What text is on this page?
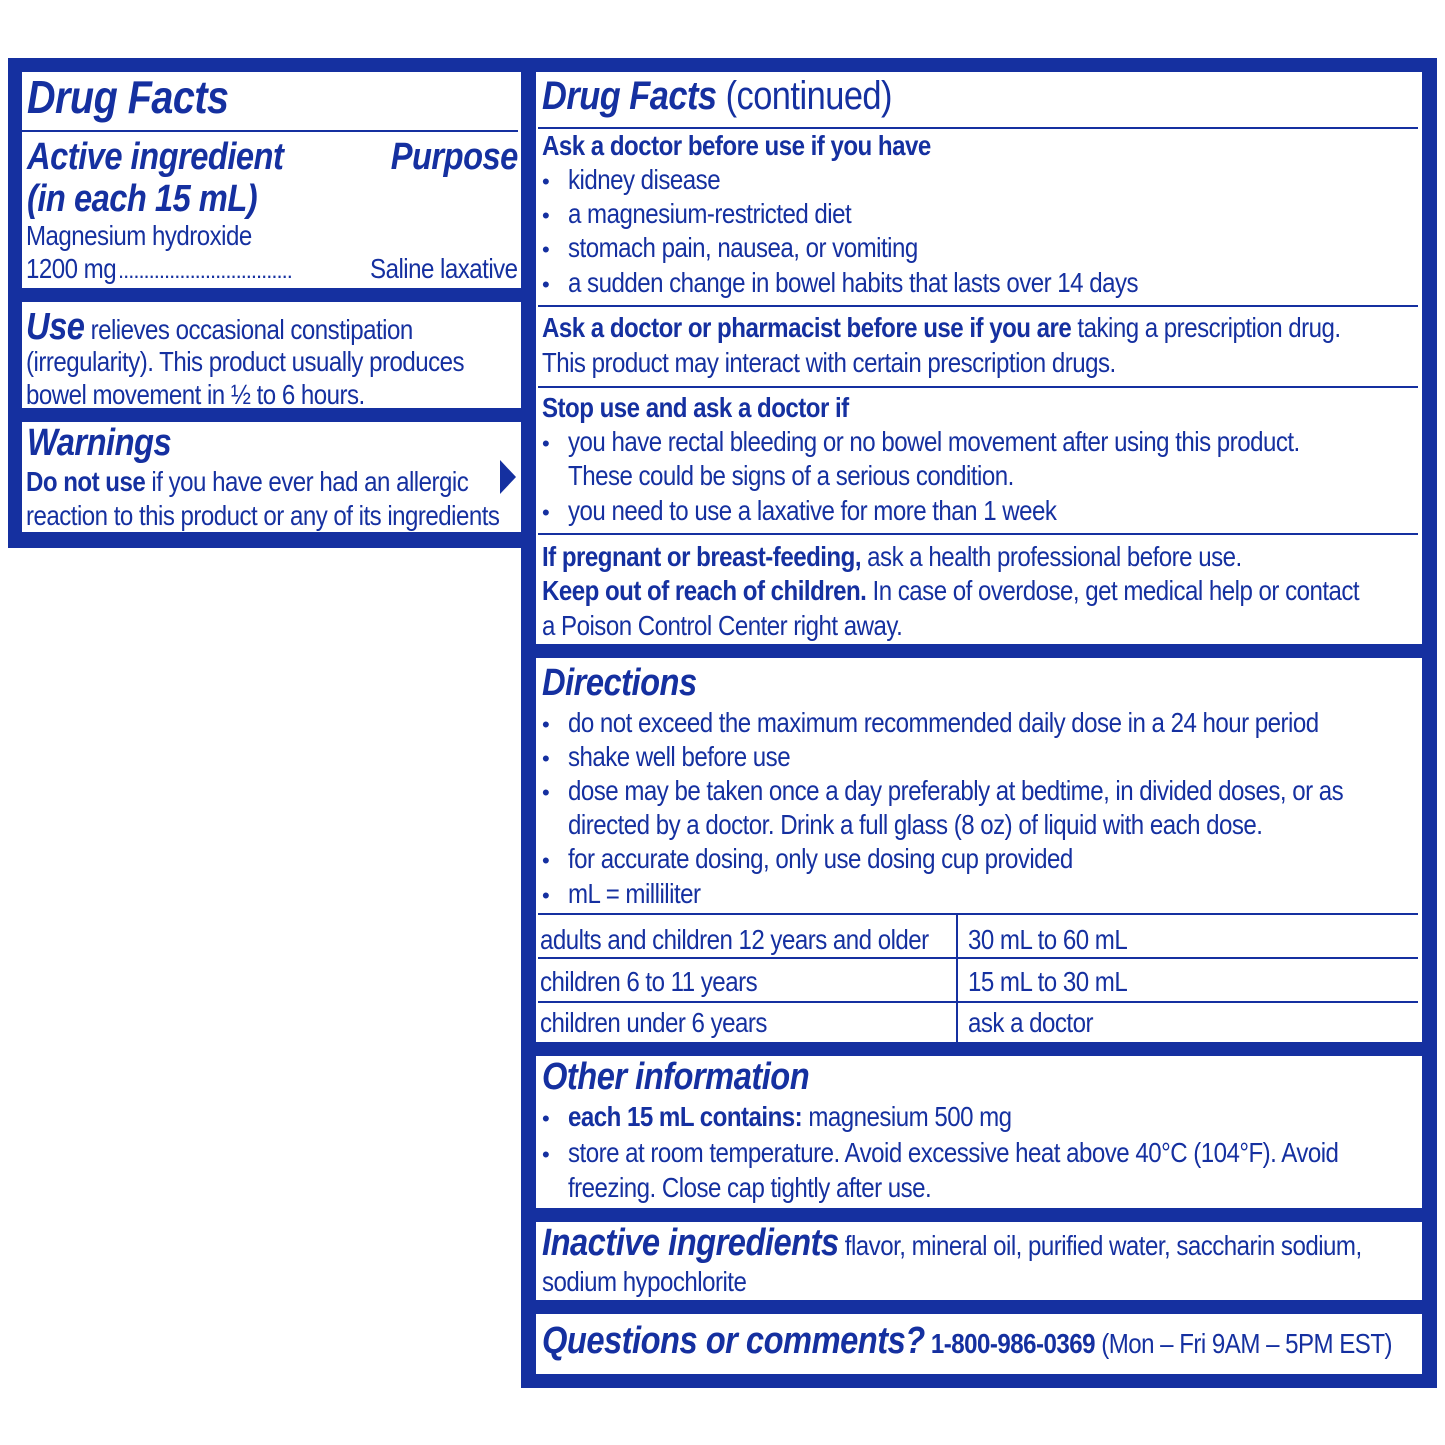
Drug Facts
Active ingredient	Purpose
(in each 15 mL)
Magnesium hydroxide
1200 mg ..................................	Saline laxative
Use relieves occasional constipation
(irregularity). This product usually produces
bowel movement in ½ to 6 hours.
Warnings
Do not use if you have ever had an allergic
reaction to this product or any of its ingredients
Drug Facts (continued)
Ask a doctor before use if you have
• kidney disease
• a magnesium-restricted diet
• stomach pain, nausea, or vomiting
• a sudden change in bowel habits that lasts over 14 days
Ask a doctor or pharmacist before use if you are taking a prescription drug.
This product may interact with certain prescription drugs.
Stop use and ask a doctor if
• you have rectal bleeding or no bowel movement after using this product.
These could be signs of a serious condition.
• you need to use a laxative for more than 1 week
If pregnant or breast-feeding, ask a health professional before use.
Keep out of reach of children. In case of overdose, get medical help or contact
a Poison Control Center right away.
Directions
• do not exceed the maximum recommended daily dose in a 24 hour period
• shake well before use
• dose may be taken once a day preferably at bedtime, in divided doses, or as
directed by a doctor. Drink a full glass (8 oz) of liquid with each dose.
• for accurate dosing, only use dosing cup provided
• mL = milliliter
adults and children 12 years and older	30 mL to 60 mL
children 6 to 11 years	15 mL to 30 mL
children under 6 years	ask a doctor
Other information
• each 15 mL contains: magnesium 500 mg
• store at room temperature. Avoid excessive heat above 40°C (104°F). Avoid
freezing. Close cap tightly after use.
Inactive ingredients flavor, mineral oil, purified water, saccharin sodium,
sodium hypochlorite
Questions or comments? 1-800-986-0369 (Mon – Fri 9AM – 5PM EST)
